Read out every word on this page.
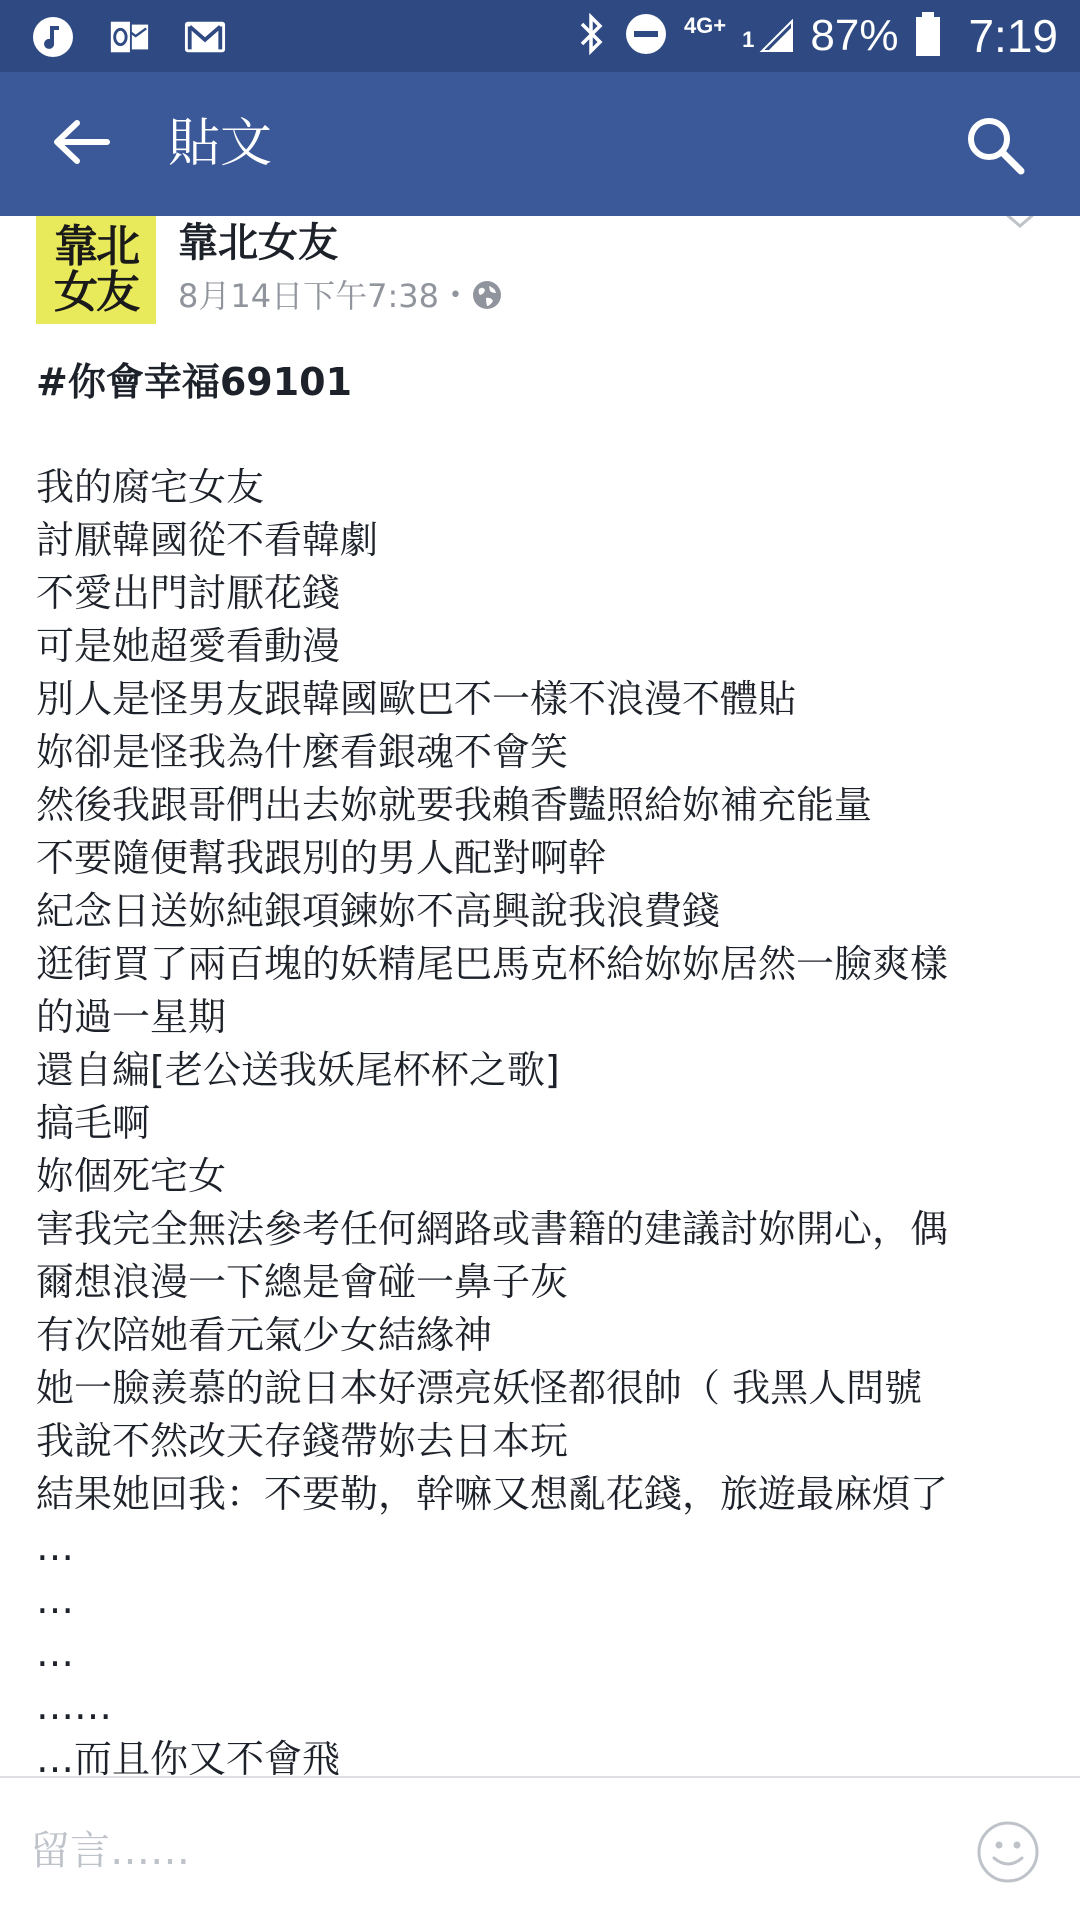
4G+
1 87% 7:19
貼文
靠北
女友
靠北女友
8月14日下午7:38 •
#你會幸福69101
我的腐宅女友
討厭韓國從不看韓劇
不愛出門討厭花錢
可是她超愛看動漫
別人是怪男友跟韓國歐巴不一樣不浪漫不體貼
妳卻是怪我為什麼看銀魂不會笑
然後我跟哥們出去妳就要我賴香豔照給妳補充能量
不要隨便幫我跟別的男人配對啊幹
紀念日送妳純銀項鍊妳不高興說我浪費錢
逛街買了兩百塊的妖精尾巴馬克杯給妳妳居然一臉爽樣
的過一星期
還自編[老公送我妖尾杯杯之歌]
搞毛啊
妳個死宅女
害我完全無法參考任何網路或書籍的建議討妳開心，偶
爾想浪漫一下總是會碰一鼻子灰
有次陪她看元氣少女結緣神
她一臉羨慕的說日本好漂亮妖怪都很帥（ 我黑人問號
我說不然改天存錢帶妳去日本玩
結果她回我：不要勒，幹嘛又想亂花錢，旅遊最麻煩了
…
…
…
……
…而且你又不會飛
留言……
